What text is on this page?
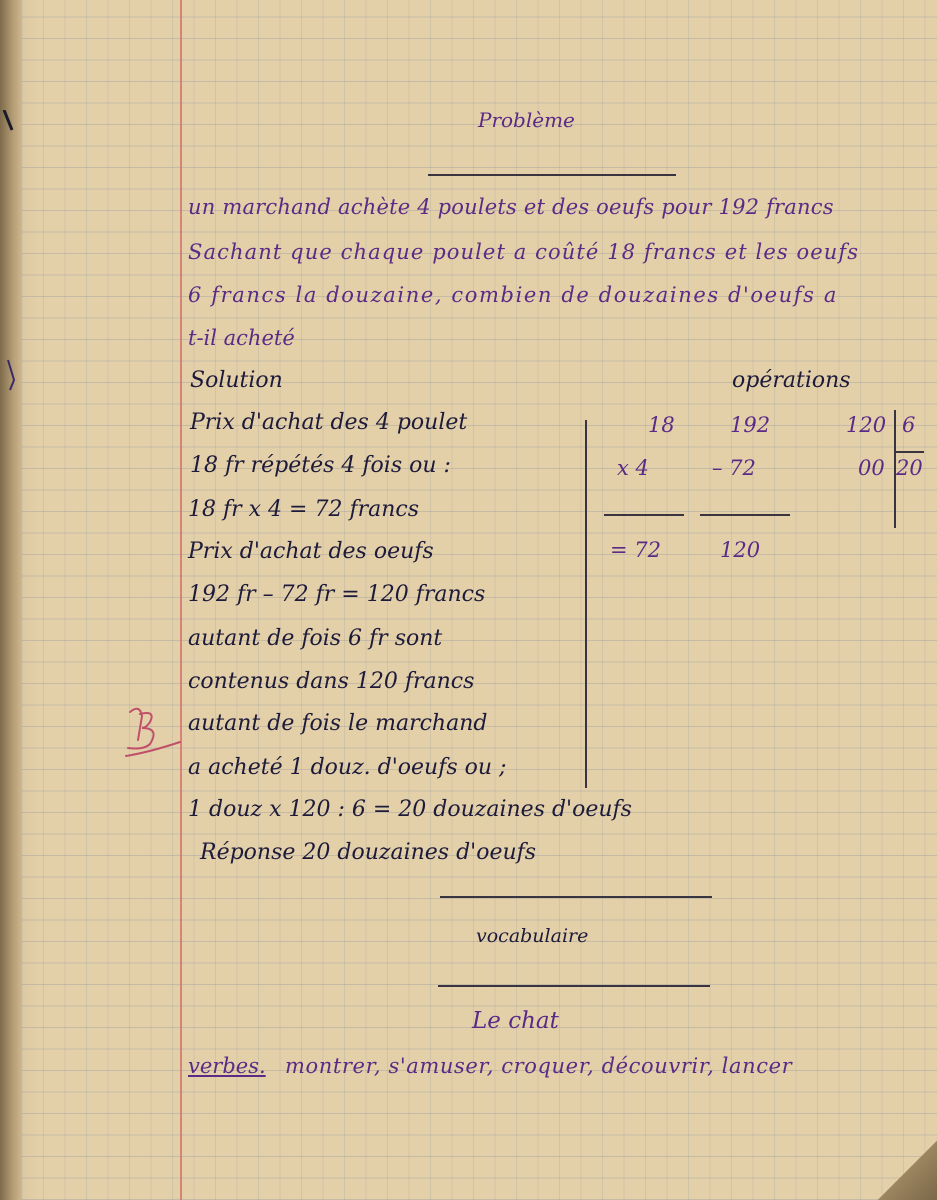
Problème
un marchand achète 4 poulets et des oeufs pour 192 francs
Sachant que chaque poulet a coûté 18 francs et les oeufs
6 francs la douzaine, combien de douzaines d'oeufs a
t-il acheté
Solution
Prix d'achat des 4 poulet
18 fr répétés 4 fois ou :
18 fr x 4 = 72 francs
Prix d'achat des oeufs
192 fr – 72 fr = 120 francs
autant de fois 6 fr sont
contenus dans 120 francs
autant de fois le marchand
a acheté 1 douz. d'oeufs ou ;
1 douz x 120 : 6 = 20 douzaines d'oeufs
Réponse 20 douzaines d'oeufs
opérations
18
x 4
= 72
192
– 72
120
120
00
6
20
vocabulaire
Le chat
verbes. montrer, s'amuser, croquer, découvrir, lancer
